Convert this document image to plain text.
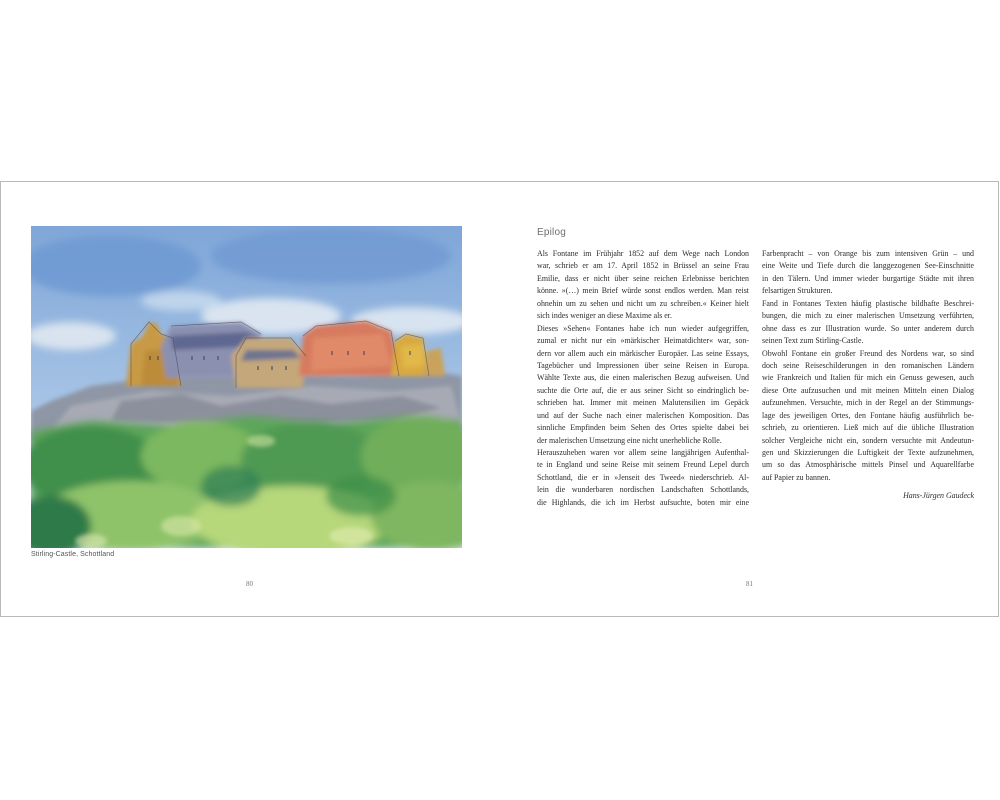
Stirling-Castle, Schottland
80	81
Epilog
Als Fontane im Frühjahr 1852 auf dem Wege nach London
war, schrieb er am 17. April 1852 in Brüssel an seine Frau
Emilie, dass er nicht über seine reichen Erlebnisse berichten
könne. »(…) mein Brief würde sonst endlos werden. Man reist
ohnehin um zu sehen und nicht um zu schreiben.« Keiner hielt
sich indes weniger an diese Maxime als er.
Dieses »Sehen« Fontanes habe ich nun wieder aufgegriffen,
zumal er nicht nur ein »märkischer Heimatdichter« war, son-
dern vor allem auch ein märkischer Europäer. Las seine Essays,
Tagebücher und Impressionen über seine Reisen in Europa.
Wählte Texte aus, die einen malerischen Bezug aufweisen. Und
suchte die Orte auf, die er aus seiner Sicht so eindringlich be-
schrieben hat. Immer mit meinen Malutensilien im Gepäck
und auf der Suche nach einer malerischen Komposition. Das
sinnliche Empfinden beim Sehen des Ortes spielte dabei bei
der malerischen Umsetzung eine nicht unerhebliche Rolle.
Herauszuheben waren vor allem seine langjährigen Aufenthal-
te in England und seine Reise mit seinem Freund Lepel durch
Schottland, die er in »Jenseit des Tweed« niederschrieb. Al-
lein die wunderbaren nordischen Landschaften Schottlands,
die Highlands, die ich im Herbst aufsuchte, boten mir eine
Farbenpracht – von Orange bis zum intensiven Grün – und
eine Weite und Tiefe durch die langgezogenen See-Einschnitte
in den Tälern. Und immer wieder burgartige Städte mit ihren
felsartigen Strukturen.
Fand in Fontanes Texten häufig plastische bildhafte Beschrei-
bungen, die mich zu einer malerischen Umsetzung verführten,
ohne dass es zur Illustration wurde. So unter anderem durch
seinen Text zum Stirling-Castle.
Obwohl Fontane ein großer Freund des Nordens war, so sind
doch seine Reiseschilderungen in den romanischen Ländern
wie Frankreich und Italien für mich ein Genuss gewesen, auch
diese Orte aufzusuchen und mit meinen Mitteln einen Dialog
aufzunehmen. Versuchte, mich in der Regel an der Stimmungs-
lage des jeweiligen Ortes, den Fontane häufig ausführlich be-
schrieb, zu orientieren. Ließ mich auf die übliche Illustration
solcher Vergleiche nicht ein, sondern versuchte mit Andeutun-
gen und Skizzierungen die Luftigkeit der Texte aufzunehmen,
um so das Atmosphärische mittels Pinsel und Aquarellfarbe
auf Papier zu bannen.
Hans-Jürgen Gaudeck
